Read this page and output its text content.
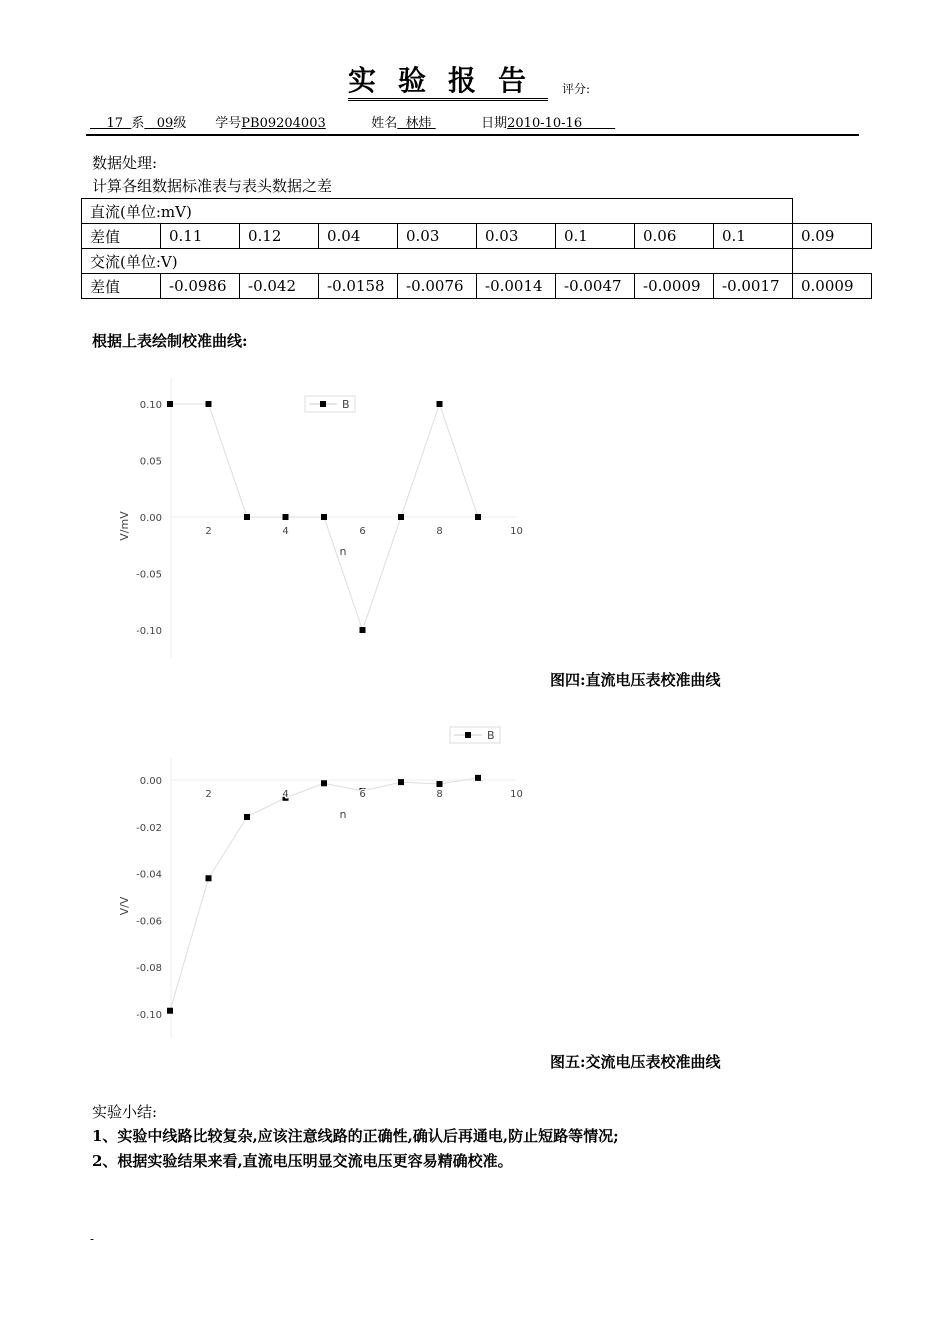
实验报告 评分:
17 系 09级 学号PB09204003	姓名 林炜	日期2010-10-16
数据处理:
计算各组数据标准表与表头数据之差
直流(单位:mV)									
差值	0.11	0.12	0.04	0.03	0.03	0.1	0.06	0.1	0.09
交流(单位:V)									
差值	-0.0986	-0.042	-0.0158	-0.0076	-0.0014	-0.0047	-0.0009	-0.0017	0.0009
根据上表绘制校准曲线:
2	4	6	8	10
0.10
0.05
0.00
-0.05
-0.10
n
V/mV
B
2	4	6	8	10
0.00
-0.02
-0.04
-0.06
-0.08
-0.10
n
V/V
B
图四:直流电压表校准曲线
图五:交流电压表校准曲线
实验小结:
1、实验中线路比较复杂,应该注意线路的正确性,确认后再通电,防止短路等情况;
2、根据实验结果来看,直流电压明显交流电压更容易精确校准。
-
